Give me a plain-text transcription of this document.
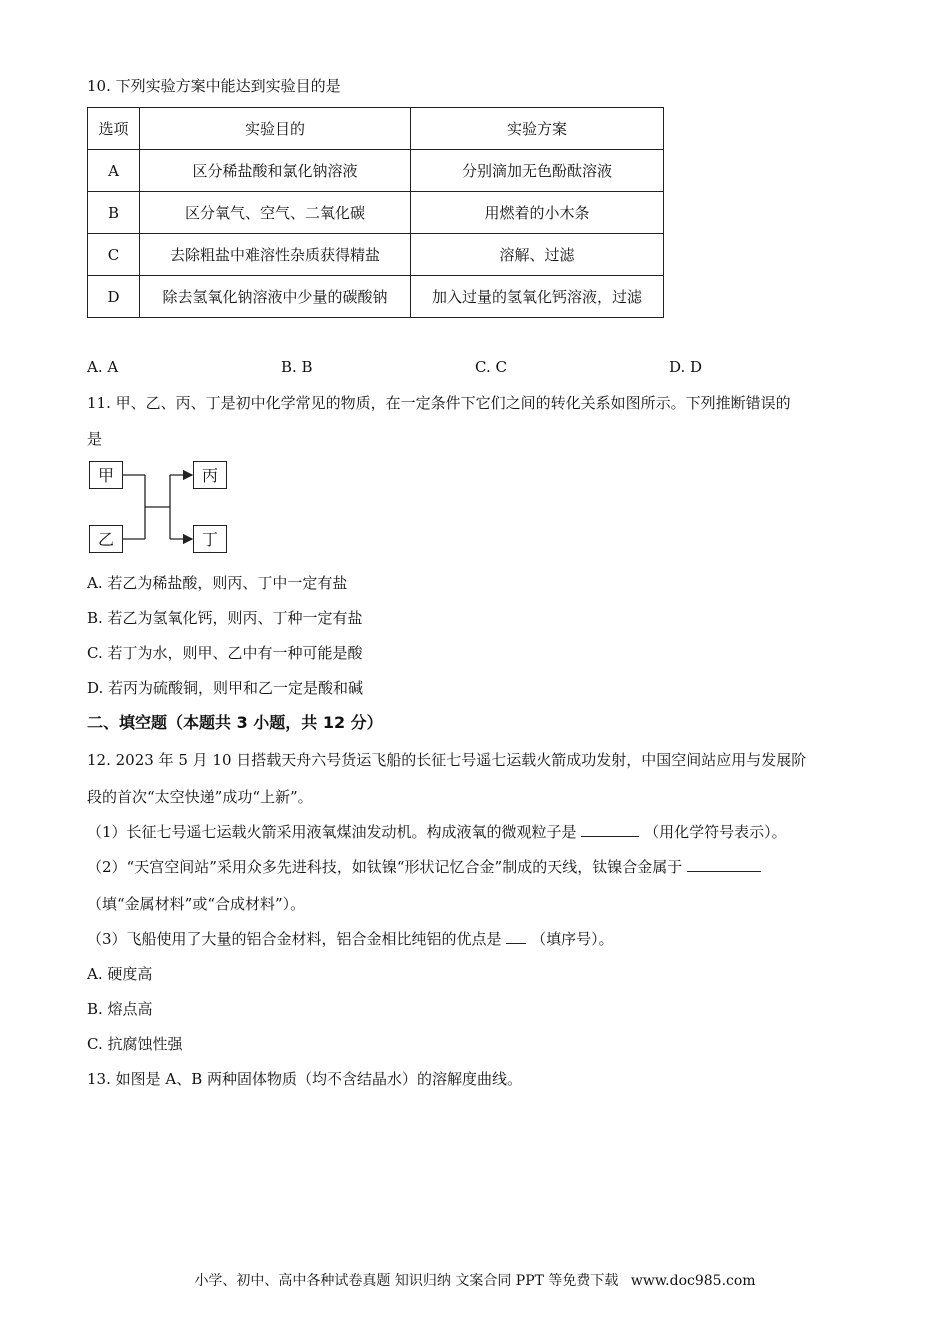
10. 下列实验方案中能达到实验目的是
选项	实验目的	实验方案
A	区分稀盐酸和氯化钠溶液	分别滴加无色酚酞溶液
B	区分氧气、空气、二氧化碳	用燃着的小木条
C	去除粗盐中难溶性杂质获得精盐	溶解、过滤
D	除去氢氧化钠溶液中少量的碳酸钠	加入过量的氢氧化钙溶液，过滤
A. A	B. B	C. C	D. D
11. 甲、乙、丙、丁是初中化学常见的物质，在一定条件下它们之间的转化关系如图所示。下列推断错误的
是
甲
乙
丙
丁
A. 若乙为稀盐酸，则丙、丁中一定有盐
B. 若乙为氢氧化钙，则丙、丁种一定有盐
C. 若丁为水，则甲、乙中有一种可能是酸
D. 若丙为硫酸铜，则甲和乙一定是酸和碱
二、填空题（本题共 3 小题，共 12 分）
12. 2023 年 5 月 10 日搭载天舟六号货运飞船的长征七号遥七运载火箭成功发射，中国空间站应用与发展阶
段的首次“太空快递”成功“上新”。
（1）长征七号遥七运载火箭采用液氧煤油发动机。构成液氧的微观粒子是	（用化学符号表示）。
（2）“天宫空间站”采用众多先进科技，如钛镍“形状记忆合金”制成的天线，钛镍合金属于
（填“金属材料”或“合成材料”）。
（3）飞船使用了大量的铝合金材料，铝合金相比纯铝的优点是 （填序号）。
A. 硬度高
B. 熔点高
C. 抗腐蚀性强
13. 如图是 A、B 两种固体物质（均不含结晶水）的溶解度曲线。
小学、初中、高中各种试卷真题 知识归纳 文案合同 PPT 等免费下载 www.doc985.com
